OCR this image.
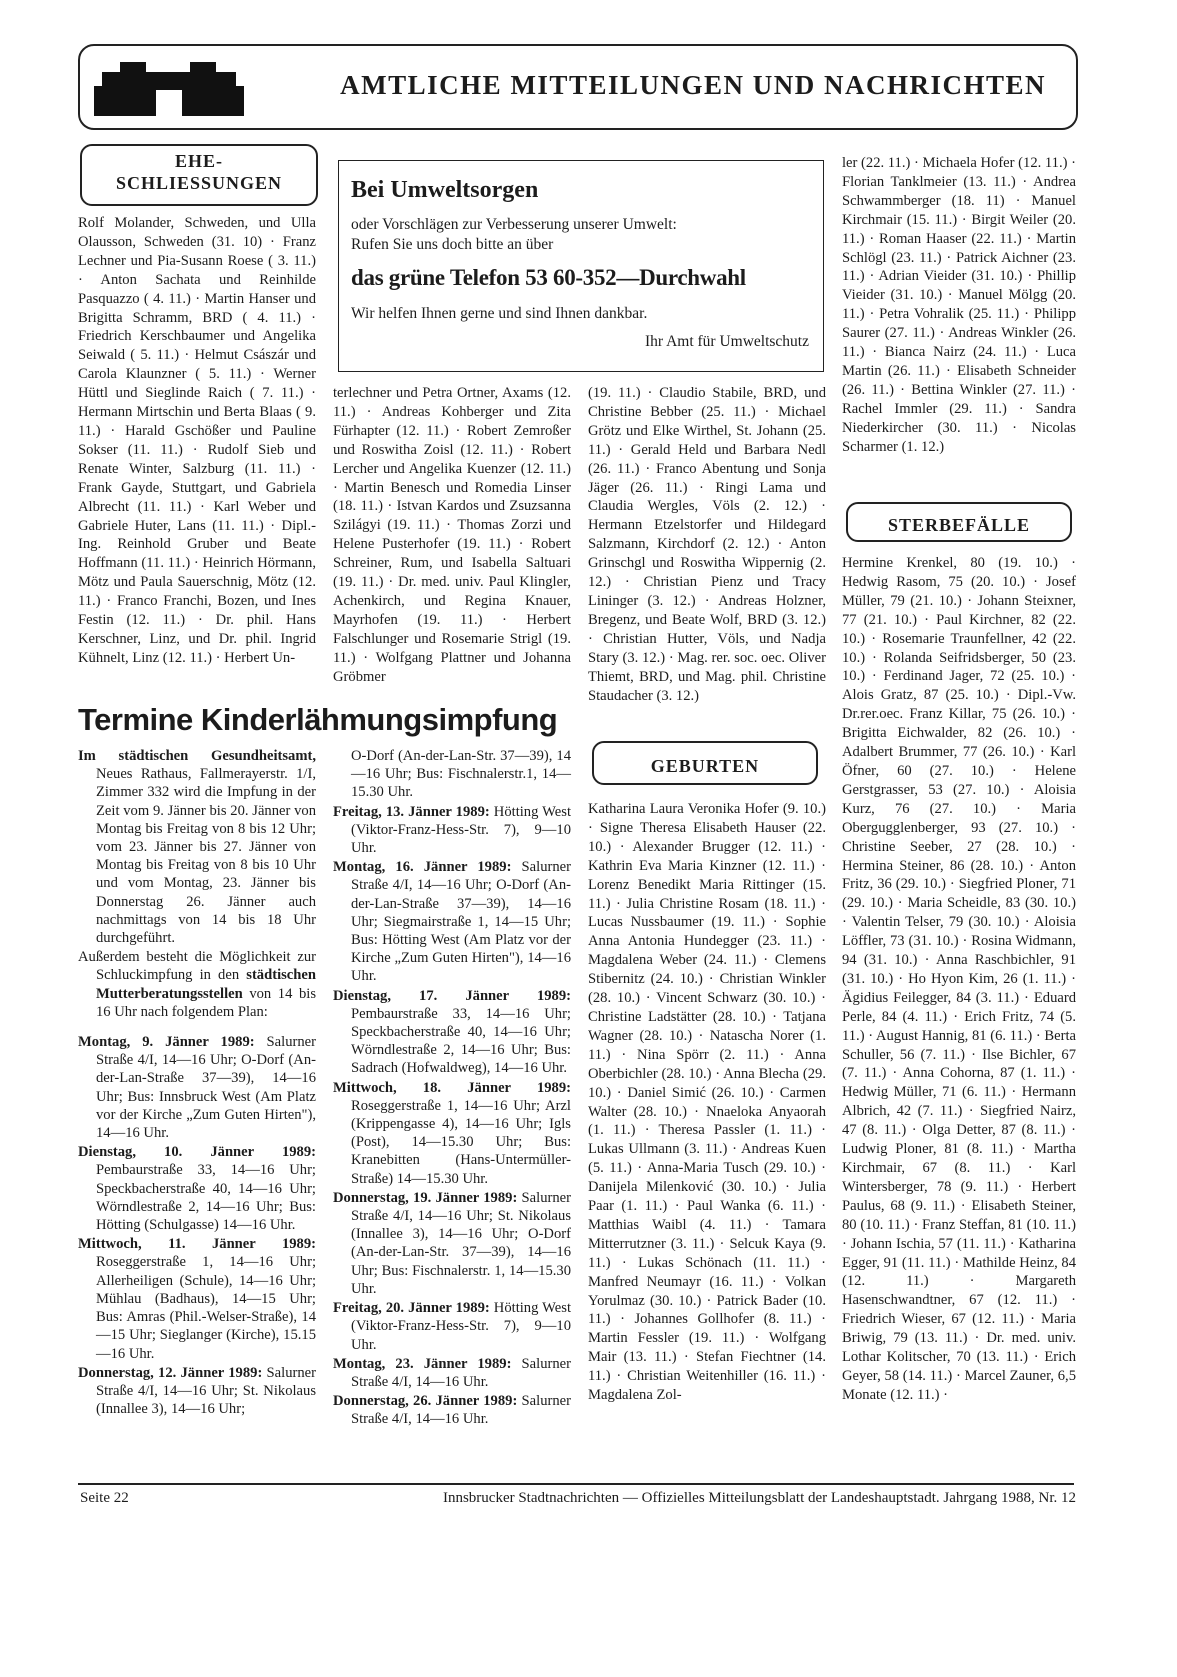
AMTLICHE MITTEILUNGEN UND NACHRICHTEN
EHE-
SCHLIESSUNGEN

Rolf Molander, Schweden, und Ulla Olausson, Schweden (31. 10) · Franz Lechner und Pia-Susann Roese ( 3. 11.) · Anton Sachata und Reinhilde Pasquazzo ( 4. 11.) · Martin Hanser und Brigitta Schramm, BRD ( 4. 11.) · Friedrich Kerschbaumer und Angelika Seiwald ( 5. 11.) · Helmut Császár und Carola Klaunzner ( 5. 11.) · Werner Hüttl und Sieglinde Raich ( 7. 11.) · Hermann Mirtschin und Berta Blaas ( 9. 11.) · Harald Gschößer und Pauline Sokser (11. 11.) · Rudolf Sieb und Renate Winter, Salzburg (11. 11.) · Frank Gayde, Stuttgart, und Gabriela Albrecht (11. 11.) · Karl Weber und Gabriele Huter, Lans (11. 11.) · Dipl.-Ing. Reinhold Gruber und Beate Hoffmann (11. 11.) · Heinrich Hörmann, Mötz und Paula Sauerschnig, Mötz (12. 11.) · Franco Franchi, Bozen, und Ines Festin (12. 11.) · Dr. phil. Hans Kerschner, Linz, und Dr. phil. Ingrid Kühnelt, Linz (12. 11.) · Herbert Un-

Bei Umweltsorgen
oder Vorschlägen zur Verbesserung unserer Umwelt:
Rufen Sie uns doch bitte an über
das grüne Telefon 53 60-352—Durchwahl
Wir helfen Ihnen gerne und sind Ihnen dankbar.
Ihr Amt für Umweltschutz

terlechner und Petra Ortner, Axams (12. 11.) · Andreas Kohberger und Zita Fürhapter (12. 11.) · Robert Zemroßer und Roswitha Zoisl (12. 11.) · Robert Lercher und Angelika Kuenzer (12. 11.) · Martin Benesch und Romedia Linser (18. 11.) · Istvan Kardos und Zsuzsanna Szilágyi (19. 11.) · Thomas Zorzi und Helene Pusterhofer (19. 11.) · Robert Schreiner, Rum, und Isabella Saltuari (19. 11.) · Dr. med. univ. Paul Klingler, Achenkirch, und Regina Knauer, Mayrhofen (19. 11.) · Herbert Falschlunger und Rosemarie Strigl (19. 11.) · Wolfgang Plattner und Johanna Gröbmer

(19. 11.) · Claudio Stabile, BRD, und Christine Bebber (25. 11.) · Michael Grötz und Elke Wirthel, St. Johann (25. 11.) · Gerald Held und Barbara Nedl (26. 11.) · Franco Abentung und Sonja Jäger (26. 11.) · Ringi Lama und Claudia Wergles, Völs (2. 12.) · Hermann Etzelstorfer und Hildegard Salzmann, Kirchdorf (2. 12.) · Anton Grinschgl und Roswitha Wippernig (2. 12.) · Christian Pienz und Tracy Lininger (3. 12.) · Andreas Holzner, Bregenz, und Beate Wolf, BRD (3. 12.) · Christian Hutter, Völs, und Nadja Stary (3. 12.) · Mag. rer. soc. oec. Oliver Thiemt, BRD, und Mag. phil. Christine Staudacher (3. 12.)

ler (22. 11.) · Michaela Hofer (12. 11.) · Florian Tanklmeier (13. 11.) · Andrea Schwammberger (18. 11) · Manuel Kirchmair (15. 11.) · Birgit Weiler (20. 11.) · Roman Haaser (22. 11.) · Martin Schlögl (23. 11.) · Patrick Aichner (23. 11.) · Adrian Vieider (31. 10.) · Phillip Vieider (31. 10.) · Manuel Mölgg (20. 11.) · Petra Vohralik (25. 11.) · Philipp Saurer (27. 11.) · Andreas Winkler (26. 11.) · Bianca Nairz (24. 11.) · Luca Martin (26. 11.) · Elisabeth Schneider (26. 11.) · Bettina Winkler (27. 11.) · Rachel Immler (29. 11.) · Sandra Niederkircher (30. 11.) · Nicolas Scharmer (1. 12.)

STERBEFÄLLE

Hermine Krenkel, 80 (19. 10.) · Hedwig Rasom, 75 (20. 10.) · Josef Müller, 79 (21. 10.) · Johann Steixner, 77 (21. 10.) · Paul Kirchner, 82 (22. 10.) · Rosemarie Traunfellner, 42 (22. 10.) · Rolanda Seifridsberger, 50 (23. 10.) · Ferdinand Jager, 72 (25. 10.) · Alois Gratz, 87 (25. 10.) · Dipl.-Vw. Dr.rer.oec. Franz Killar, 75 (26. 10.) · Brigitta Eichwalder, 82 (26. 10.) · Adalbert Brummer, 77 (26. 10.) · Karl Öfner, 60 (27. 10.) · Helene Gerstgrasser, 53 (27. 10.) · Aloisia Kurz, 76 (27. 10.) · Maria Obergugglenberger, 93 (27. 10.) · Christine Seeber, 27 (28. 10.) · Hermina Steiner, 86 (28. 10.) · Anton Fritz, 36 (29. 10.) · Siegfried Ploner, 71 (29. 10.) · Maria Scheidle, 83 (30. 10.) · Valentin Telser, 79 (30. 10.) · Aloisia Löffler, 73 (31. 10.) · Rosina Widmann, 94 (31. 10.) · Anna Raschbichler, 91 (31. 10.) · Ho Hyon Kim, 26 (1. 11.) · Ägidius Feilegger, 84 (3. 11.) · Eduard Perle, 84 (4. 11.) · Erich Fritz, 74 (5. 11.) · August Hannig, 81 (6. 11.) · Berta Schuller, 56 (7. 11.) · Ilse Bichler, 67 (7. 11.) · Anna Cohorna, 87 (1. 11.) · Hedwig Müller, 71 (6. 11.) · Hermann Albrich, 42 (7. 11.) · Siegfried Nairz, 47 (8. 11.) · Olga Detter, 87 (8. 11.) · Ludwig Ploner, 81 (8. 11.) · Martha Kirchmair, 67 (8. 11.) · Karl Wintersberger, 78 (9. 11.) · Herbert Paulus, 68 (9. 11.) · Elisabeth Steiner, 80 (10. 11.) · Franz Steffan, 81 (10. 11.) · Johann Ischia, 57 (11. 11.) · Katharina Egger, 91 (11. 11.) · Mathilde Heinz, 84 (12. 11.) · Margareth Hasenschwandtner, 67 (12. 11.) · Friedrich Wieser, 67 (12. 11.) · Maria Briwig, 79 (13. 11.) · Dr. med. univ. Lothar Kolitscher, 70 (13. 11.) · Erich Geyer, 58 (14. 11.) · Marcel Zauner, 6,5 Monate (12. 11.) ·

GEBURTEN

Katharina Laura Veronika Hofer (9. 10.) · Signe Theresa Elisabeth Hauser (22. 10.) · Alexander Brugger (12. 11.) · Kathrin Eva Maria Kinzner (12. 11.) · Lorenz Benedikt Maria Rittinger (15. 11.) · Julia Christine Rosam (18. 11.) · Lucas Nussbaumer (19. 11.) · Sophie Anna Antonia Hundegger (23. 11.) · Magdalena Weber (24. 11.) · Clemens Stibernitz (24. 10.) · Christian Winkler (28. 10.) · Vincent Schwarz (30. 10.) · Christine Ladstätter (28. 10.) · Tatjana Wagner (28. 10.) · Natascha Norer (1. 11.) · Nina Spörr (2. 11.) · Anna Oberbichler (28. 10.) · Anna Blecha (29. 10.) · Daniel Simić (26. 10.) · Carmen Walter (28. 10.) · Nnaeloka Anyaorah (1. 11.) · Theresa Passler (1. 11.) · Lukas Ullmann (3. 11.) · Andreas Kuen (5. 11.) · Anna-Maria Tusch (29. 10.) · Danijela Milenković (30. 10.) · Julia Paar (1. 11.) · Paul Wanka (6. 11.) · Matthias Waibl (4. 11.) · Tamara Mitterrutzner (3. 11.) · Selcuk Kaya (9. 11.) · Lukas Schönach (11. 11.) · Manfred Neumayr (16. 11.) · Volkan Yorulmaz (30. 10.) · Patrick Bader (10. 11.) · Johannes Gollhofer (8. 11.) · Martin Fessler (19. 11.) · Wolfgang Mair (13. 11.) · Stefan Fiechtner (14. 11.) · Christian Weitenhiller (16. 11.) · Magdalena Zol-

Termine Kinderlähmungsimpfung

Im städtischen Gesundheitsamt, Neues Rathaus, Fallmerayerstr. 1/I, Zimmer 332 wird die Impfung in der Zeit vom 9. Jänner bis 20. Jänner von Montag bis Freitag von 8 bis 12 Uhr; vom 23. Jänner bis 27. Jänner von Montag bis Freitag von 8 bis 10 Uhr und vom Montag, 23. Jänner bis Donnerstag 26. Jänner auch nachmittags von 14 bis 18 Uhr durchgeführt.

Außerdem besteht die Möglichkeit zur Schluckimpfung in den städtischen Mutterberatungsstellen von 14 bis 16 Uhr nach folgendem Plan:

Montag, 9. Jänner 1989: Salurner Straße 4/I, 14—16 Uhr; O-Dorf (An-der-Lan-Straße 37—39), 14—16 Uhr; Bus: Innsbruck West (Am Platz vor der Kirche „Zum Guten Hirten"), 14—16 Uhr.

Dienstag, 10. Jänner 1989: Pembaurstraße 33, 14—16 Uhr; Speckbacherstraße 40, 14—16 Uhr; Wörndlestraße 2, 14—16 Uhr; Bus: Hötting (Schulgasse) 14—16 Uhr.

Mittwoch, 11. Jänner 1989: Roseggerstraße 1, 14—16 Uhr; Allerheiligen (Schule), 14—16 Uhr; Mühlau (Badhaus), 14—15 Uhr; Bus: Amras (Phil.-Welser-Straße), 14—15 Uhr; Sieglanger (Kirche), 15.15—16 Uhr.

Donnerstag, 12. Jänner 1989: Salurner Straße 4/I, 14—16 Uhr; St. Nikolaus (Innallee 3), 14—16 Uhr;

O-Dorf (An-der-Lan-Str. 37—39), 14—16 Uhr; Bus: Fischnalerstr.1, 14—15.30 Uhr.

Freitag, 13. Jänner 1989: Hötting West (Viktor-Franz-Hess-Str. 7), 9—10 Uhr.

Montag, 16. Jänner 1989: Salurner Straße 4/I, 14—16 Uhr; O-Dorf (An-der-Lan-Straße 37—39), 14—16 Uhr; Siegmairstraße 1, 14—15 Uhr; Bus: Hötting West (Am Platz vor der Kirche „Zum Guten Hirten"), 14—16 Uhr.

Dienstag, 17. Jänner 1989: Pembaurstraße 33, 14—16 Uhr; Speckbacherstraße 40, 14—16 Uhr; Wörndlestraße 2, 14—16 Uhr; Bus: Sadrach (Hofwaldweg), 14—16 Uhr.

Mittwoch, 18. Jänner 1989: Roseggerstraße 1, 14—16 Uhr; Arzl (Krippengasse 4), 14—16 Uhr; Igls (Post), 14—15.30 Uhr; Bus: Kranebitten (Hans-Untermüller-Straße) 14—15.30 Uhr.

Donnerstag, 19. Jänner 1989: Salurner Straße 4/I, 14—16 Uhr; St. Nikolaus (Innallee 3), 14—16 Uhr; O-Dorf (An-der-Lan-Str. 37—39), 14—16 Uhr; Bus: Fischnalerstr. 1, 14—15.30 Uhr.

Freitag, 20. Jänner 1989: Hötting West (Viktor-Franz-Hess-Str. 7), 9—10 Uhr.

Montag, 23. Jänner 1989: Salurner Straße 4/I, 14—16 Uhr.

Donnerstag, 26. Jänner 1989: Salurner Straße 4/I, 14—16 Uhr.

Seite 22	Innsbrucker Stadtnachrichten — Offizielles Mitteilungsblatt der Landeshauptstadt. Jahrgang 1988, Nr. 12
